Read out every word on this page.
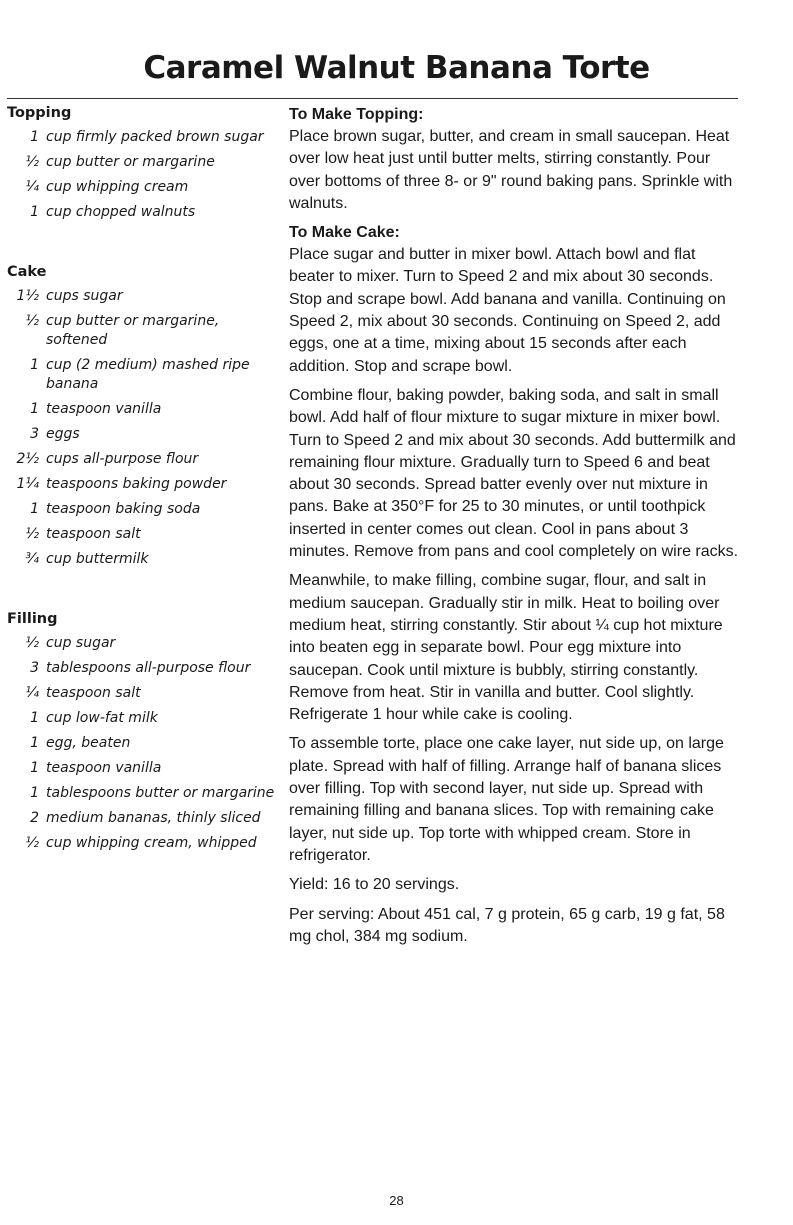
Caramel Walnut Banana Torte
Topping
1 cup firmly packed brown sugar
½ cup butter or margarine
¼ cup whipping cream
1 cup chopped walnuts
Cake
1½ cups sugar
½ cup butter or margarine, softened
1 cup (2 medium) mashed ripe banana
1 teaspoon vanilla
3 eggs
2½ cups all-purpose flour
1¼ teaspoons baking powder
1 teaspoon baking soda
½ teaspoon salt
¾ cup buttermilk
Filling
½ cup sugar
3 tablespoons all-purpose flour
¼ teaspoon salt
1 cup low-fat milk
1 egg, beaten
1 teaspoon vanilla
1 tablespoons butter or margarine
2 medium bananas, thinly sliced
½ cup whipping cream, whipped
To Make Topping:

Place brown sugar, butter, and cream in small saucepan. Heat over low heat just until butter melts, stirring constantly. Pour over bottoms of three 8- or 9" round baking pans. Sprinkle with walnuts.

To Make Cake:

Place sugar and butter in mixer bowl. Attach bowl and flat beater to mixer. Turn to Speed 2 and mix about 30 seconds. Stop and scrape bowl. Add banana and vanilla. Continuing on Speed 2, mix about 30 seconds. Continuing on Speed 2, add eggs, one at a time, mixing about 15 seconds after each addition. Stop and scrape bowl.

Combine flour, baking powder, baking soda, and salt in small bowl. Add half of flour mixture to sugar mixture in mixer bowl. Turn to Speed 2 and mix about 30 seconds. Add buttermilk and remaining flour mixture. Gradually turn to Speed 6 and beat about 30 seconds. Spread batter evenly over nut mixture in pans. Bake at 350°F for 25 to 30 minutes, or until toothpick inserted in center comes out clean. Cool in pans about 3 minutes. Remove from pans and cool completely on wire racks.

Meanwhile, to make filling, combine sugar, flour, and salt in medium saucepan. Gradually stir in milk. Heat to boiling over medium heat, stirring constantly. Stir about ¼ cup hot mixture into beaten egg in separate bowl. Pour egg mixture into saucepan. Cook until mixture is bubbly, stirring constantly. Remove from heat. Stir in vanilla and butter. Cool slightly. Refrigerate 1 hour while cake is cooling.

To assemble torte, place one cake layer, nut side up, on large plate. Spread with half of filling. Arrange half of banana slices over filling. Top with second layer, nut side up. Spread with remaining filling and banana slices. Top with remaining cake layer, nut side up. Top torte with whipped cream. Store in refrigerator.

Yield: 16 to 20 servings.

Per serving: About 451 cal, 7 g protein, 65 g carb, 19 g fat, 58 mg chol, 384 mg sodium.

28
